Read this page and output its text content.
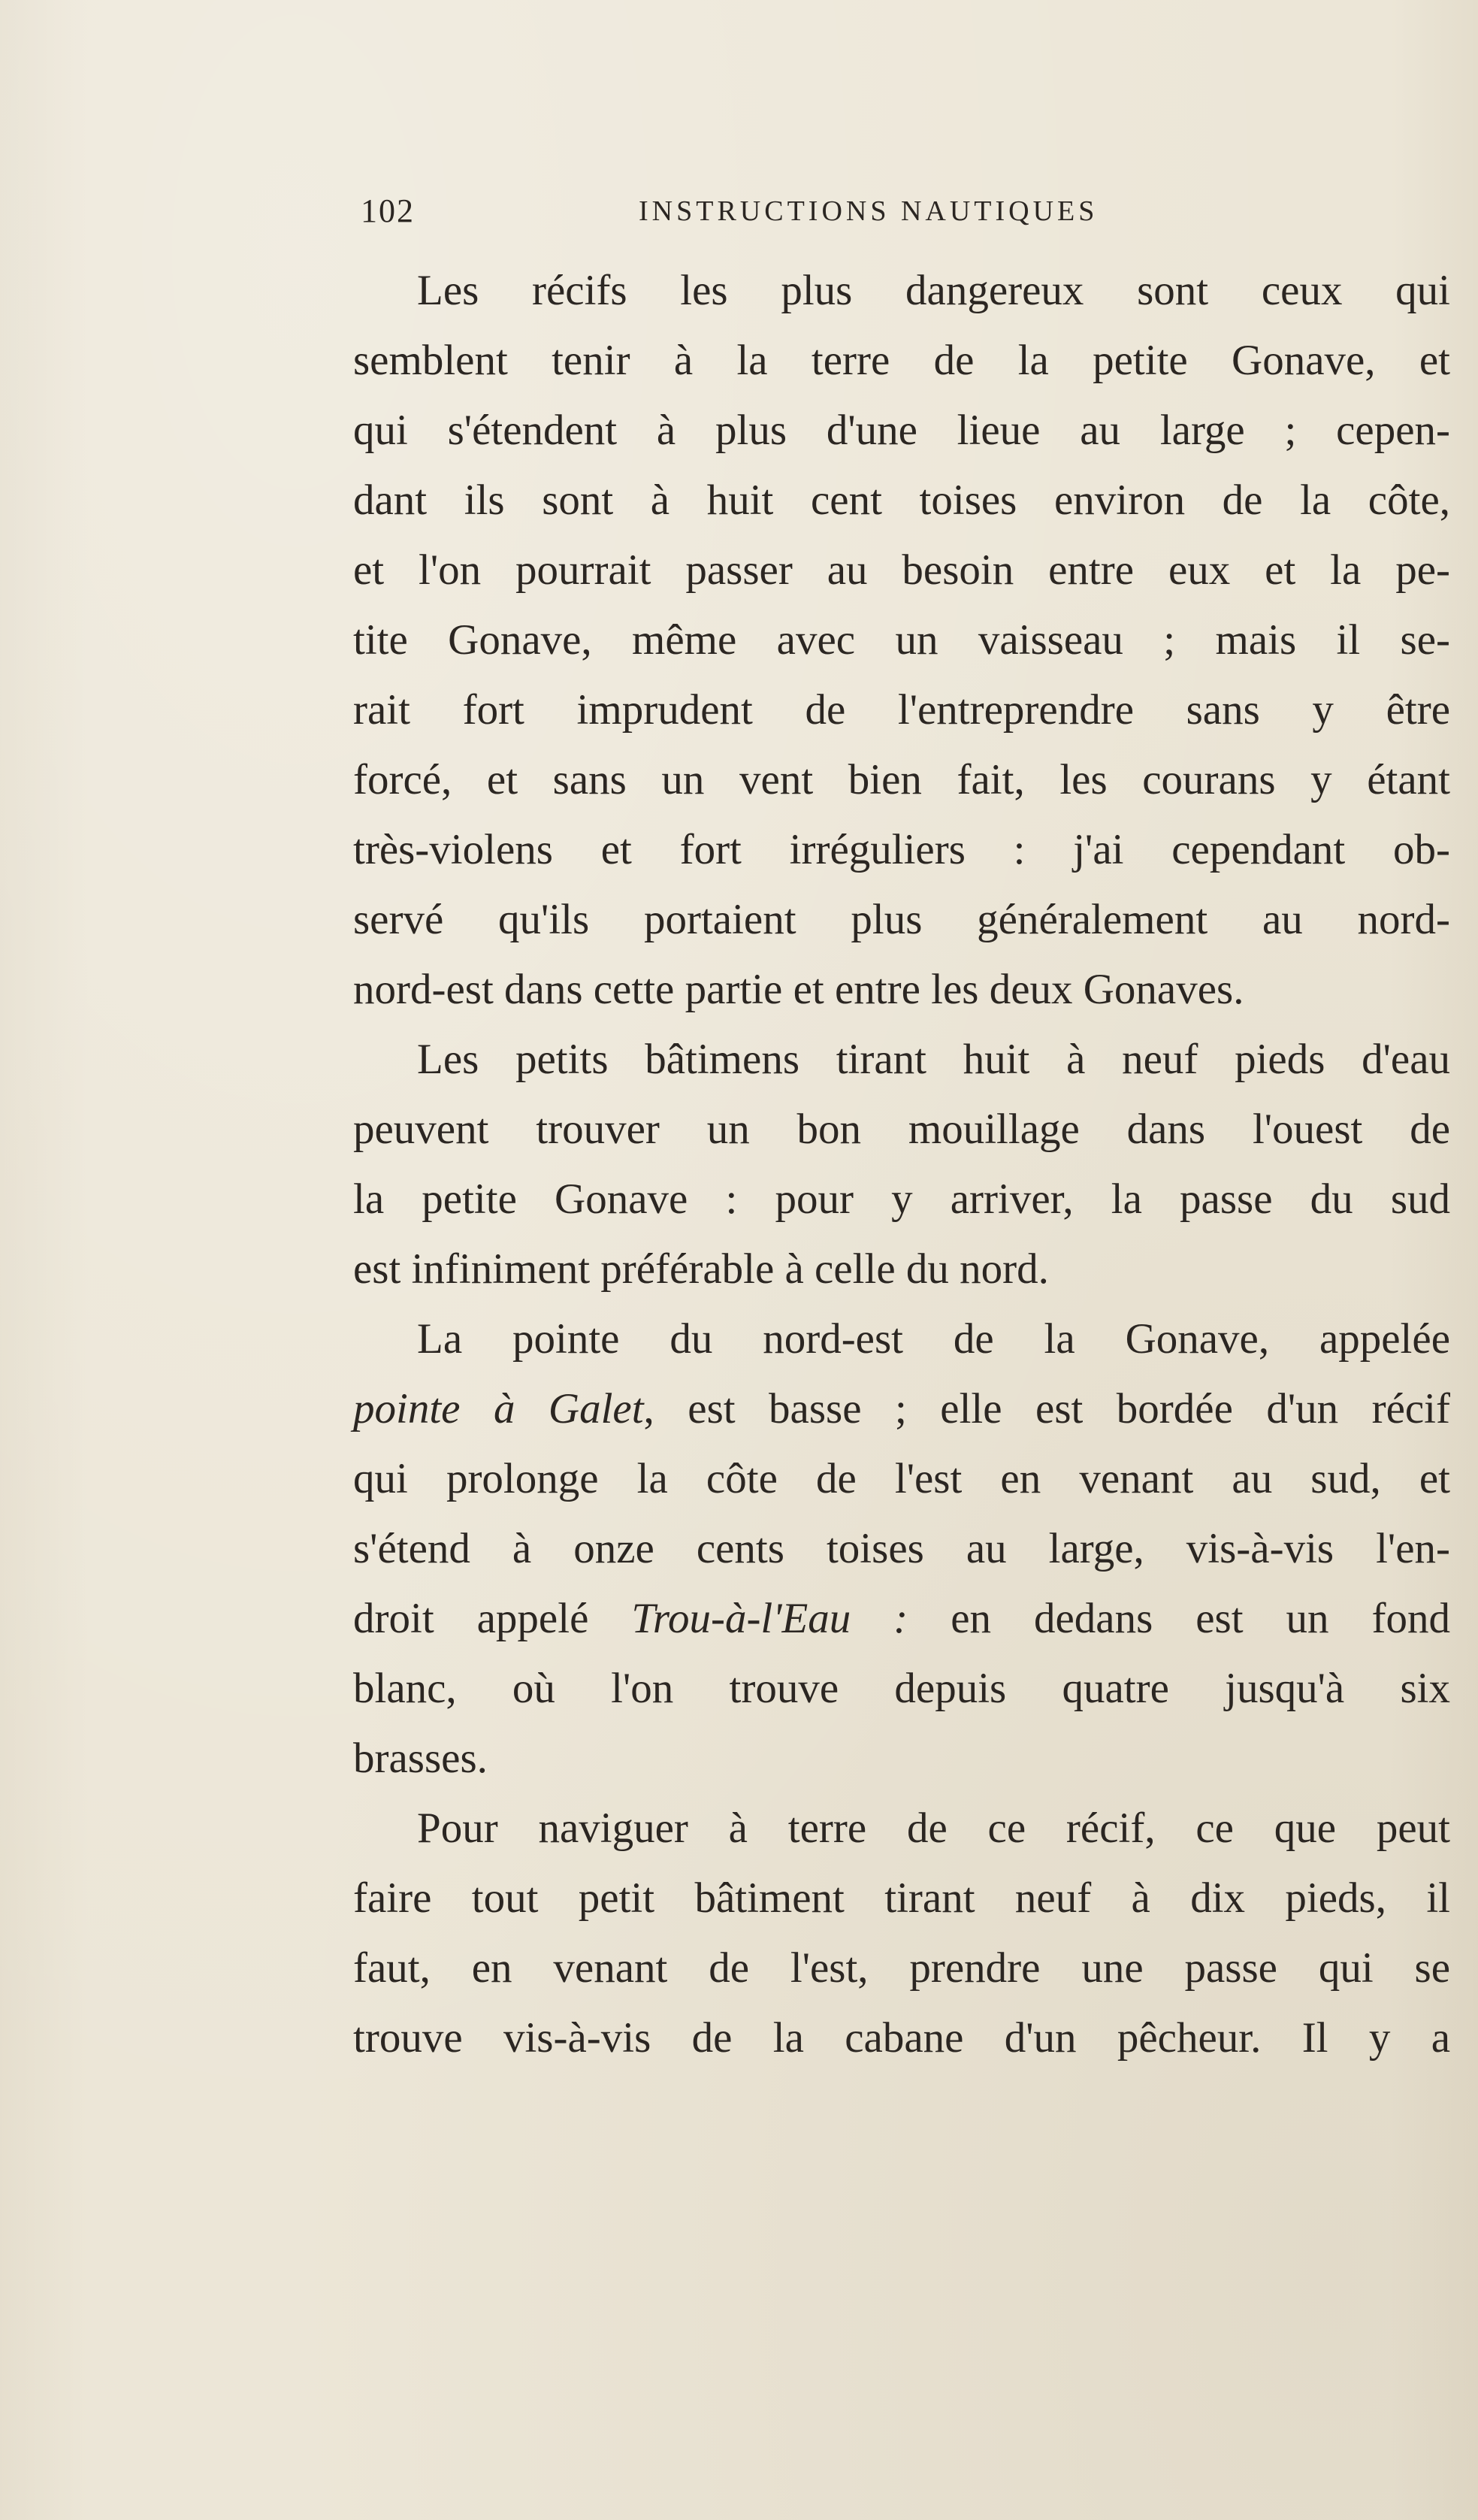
102	INSTRUCTIONS NAUTIQUES
Les récifs les plus dangereux sont ceux qui
semblent tenir à la terre de la petite Gonave, et
qui s'étendent à plus d'une lieue au large ; cepen-
dant ils sont à huit cent toises environ de la côte,
et l'on pourrait passer au besoin entre eux et la pe-
tite Gonave, même avec un vaisseau ; mais il se-
rait fort imprudent de l'entreprendre sans y être
forcé, et sans un vent bien fait, les courans y étant
très-violens et fort irréguliers : j'ai cependant ob-
servé qu'ils portaient plus généralement au nord-
nord-est dans cette partie et entre les deux Gonaves.
Les petits bâtimens tirant huit à neuf pieds d'eau
peuvent trouver un bon mouillage dans l'ouest de
la petite Gonave : pour y arriver, la passe du sud
est infiniment préférable à celle du nord.
La pointe du nord-est de la Gonave, appelée
pointe à Galet, est basse ; elle est bordée d'un récif
qui prolonge la côte de l'est en venant au sud, et
s'étend à onze cents toises au large, vis-à-vis l'en-
droit appelé Trou-à-l'Eau : en dedans est un fond
blanc, où l'on trouve depuis quatre jusqu'à six
brasses.
Pour naviguer à terre de ce récif, ce que peut
faire tout petit bâtiment tirant neuf à dix pieds, il
faut, en venant de l'est, prendre une passe qui se
trouve vis-à-vis de la cabane d'un pêcheur. Il y a
